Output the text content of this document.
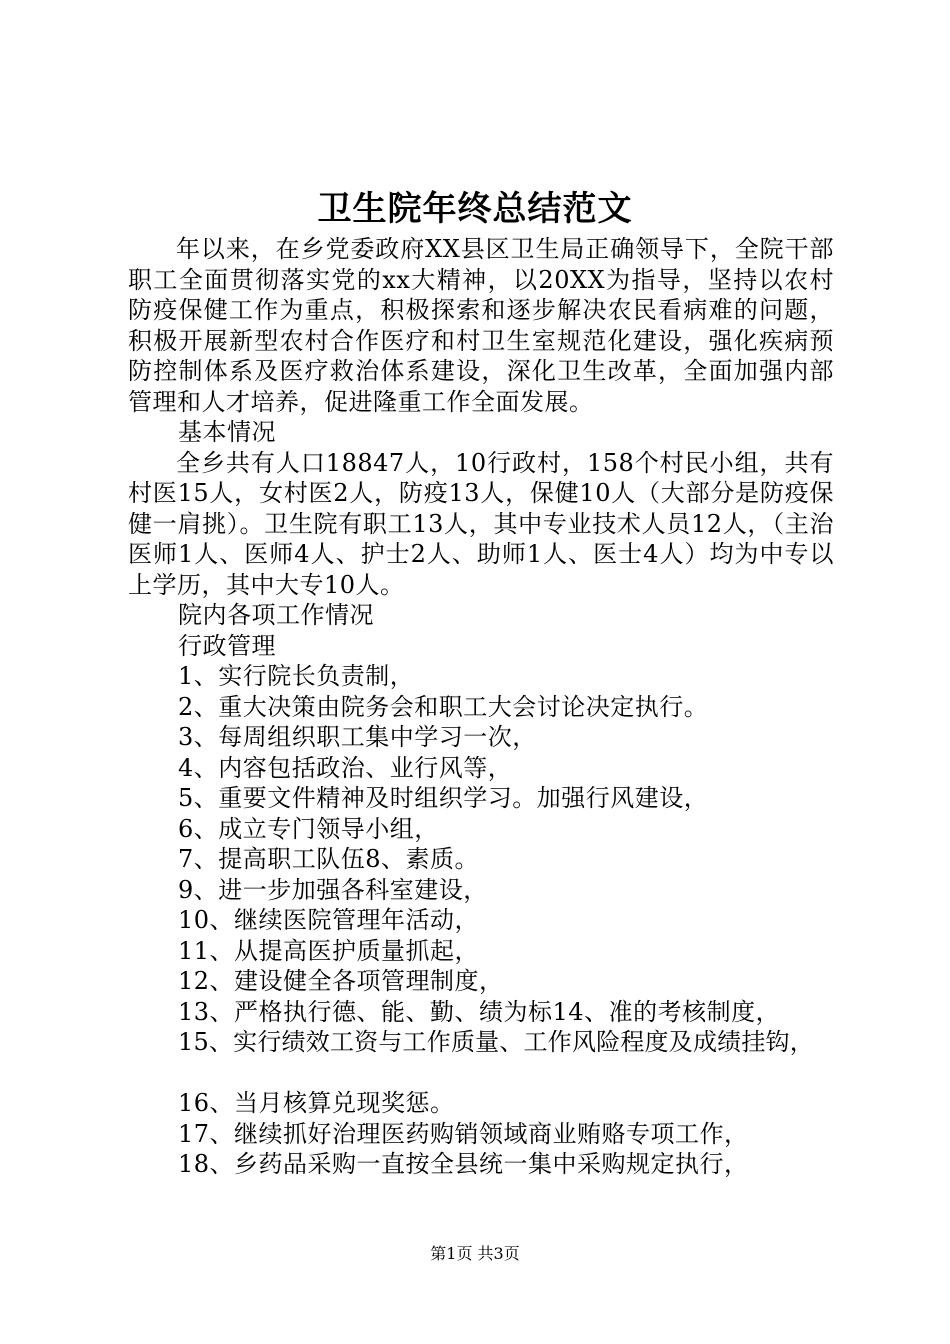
卫生院年终总结范文

年以来，在乡党委政府XX县区卫生局正确领导下，全院干部职工全面贯彻落实党的xx大精神，以20XX为指导，坚持以农村防疫保健工作为重点，积极探索和逐步解决农民看病难的问题，积极开展新型农村合作医疗和村卫生室规范化建设，强化疾病预防控制体系及医疗救治体系建设，深化卫生改革，全面加强内部管理和人才培养，促进隆重工作全面发展。

基本情况

全乡共有人口18847人，10行政村，158个村民小组，共有村医15人，女村医2人，防疫13人，保健10人（大部分是防疫保健一肩挑）。卫生院有职工13人，其中专业技术人员12人，（主治医师1人、医师4人、护士2人、助师1人、医士4人）均为中专以上学历，其中大专10人。

院内各项工作情况

行政管理

1、实行院长负责制，

2、重大决策由院务会和职工大会讨论决定执行。

3、每周组织职工集中学习一次，

4、内容包括政治、业行风等，

5、重要文件精神及时组织学习。加强行风建设，

6、成立专门领导小组，

7、提高职工队伍8、素质。

9、进一步加强各科室建设，

10、继续医院管理年活动，

11、从提高医护质量抓起，

12、建设健全各项管理制度，

13、严格执行德、能、勤、绩为标14、准的考核制度，

15、实行绩效工资与工作质量、工作风险程度及成绩挂钩，

16、当月核算兑现奖惩。

17、继续抓好治理医药购销领域商业贿赂专项工作，

18、乡药品采购一直按全县统一集中采购规定执行，

第1页 共3页
